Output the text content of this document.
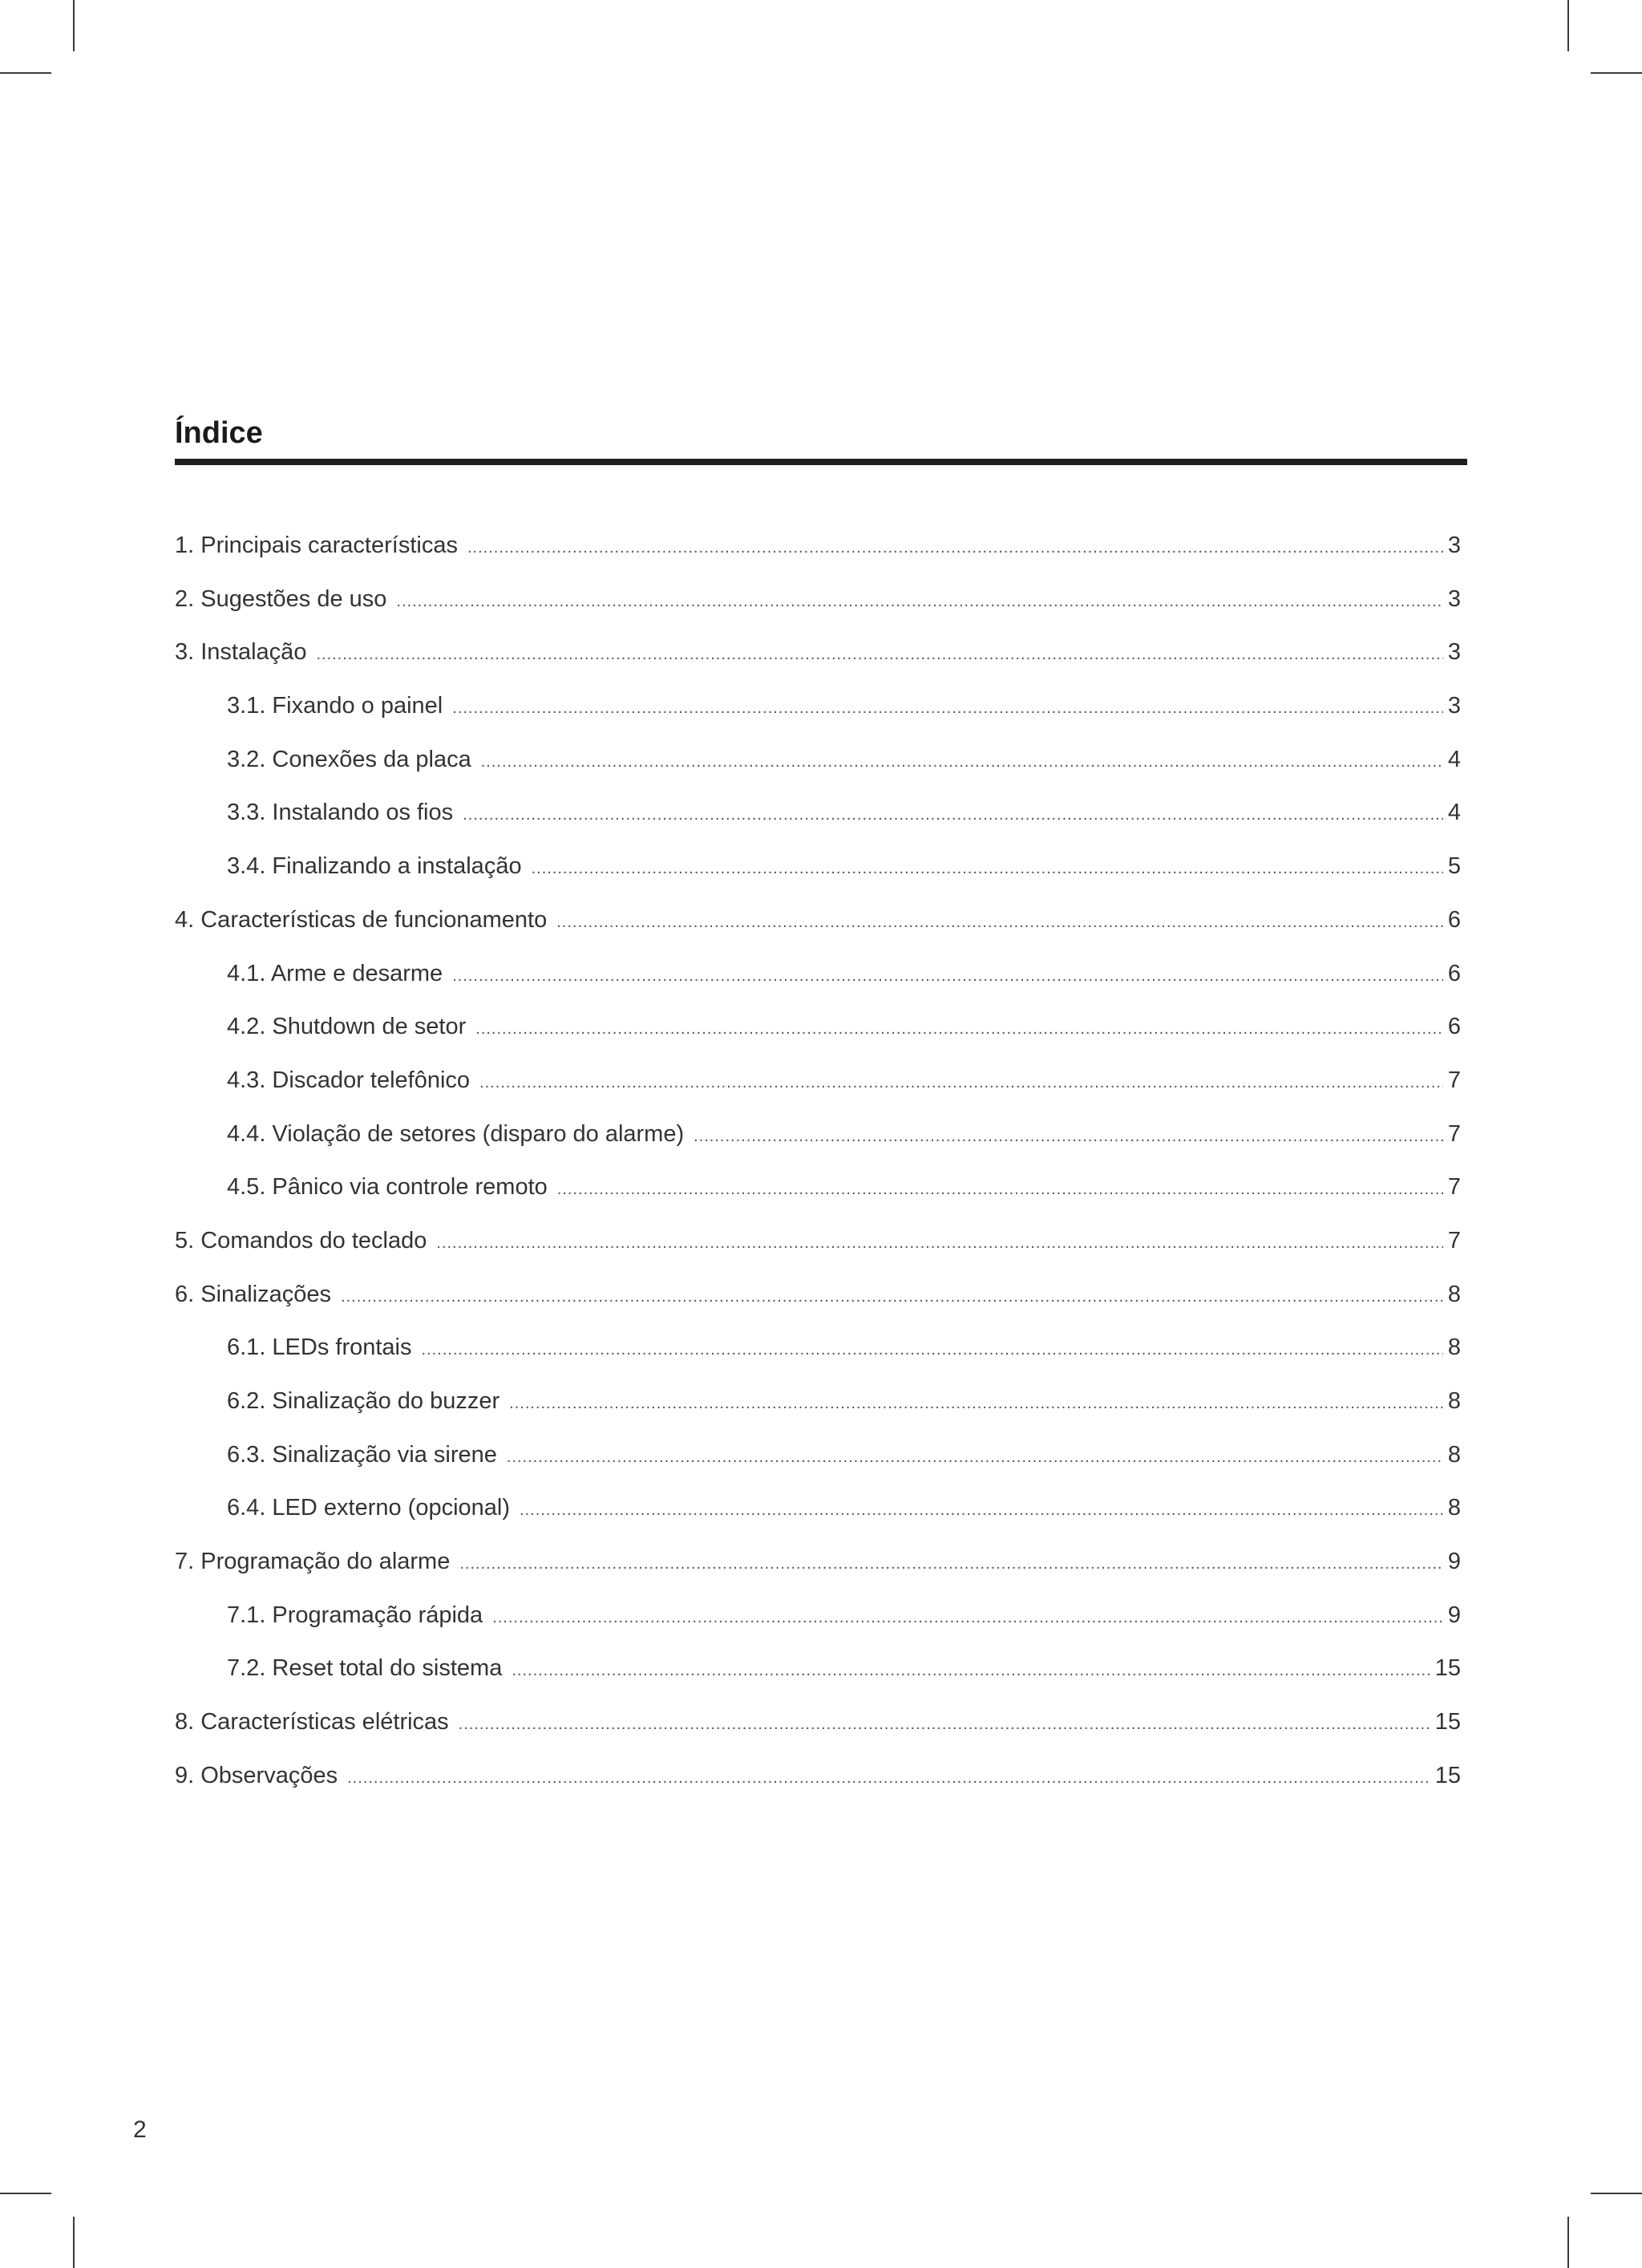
Índice
1. Principais características .....	3
2. Sugestões de uso .....	3
3. Instalação .....	3
3.1. Fixando o painel .....	3
3.2. Conexões da placa .....	4
3.3. Instalando os fios .....	4
3.4. Finalizando a instalação .....	5
4. Características de funcionamento .....	6
4.1. Arme e desarme .....	6
4.2. Shutdown de setor .....	6
4.3. Discador telefônico .....	7
4.4. Violação de setores (disparo do alarme) .....	7
4.5. Pânico via controle remoto .....	7
5. Comandos do teclado .....	7
6. Sinalizações .....	8
6.1. LEDs frontais .....	8
6.2. Sinalização do buzzer .....	8
6.3. Sinalização via sirene .....	8
6.4. LED externo (opcional) .....	8
7. Programação do alarme .....	9
7.1. Programação rápida .....	9
7.2. Reset total do sistema .....	15
8. Características elétricas .....	15
9. Observações .....	15
2
